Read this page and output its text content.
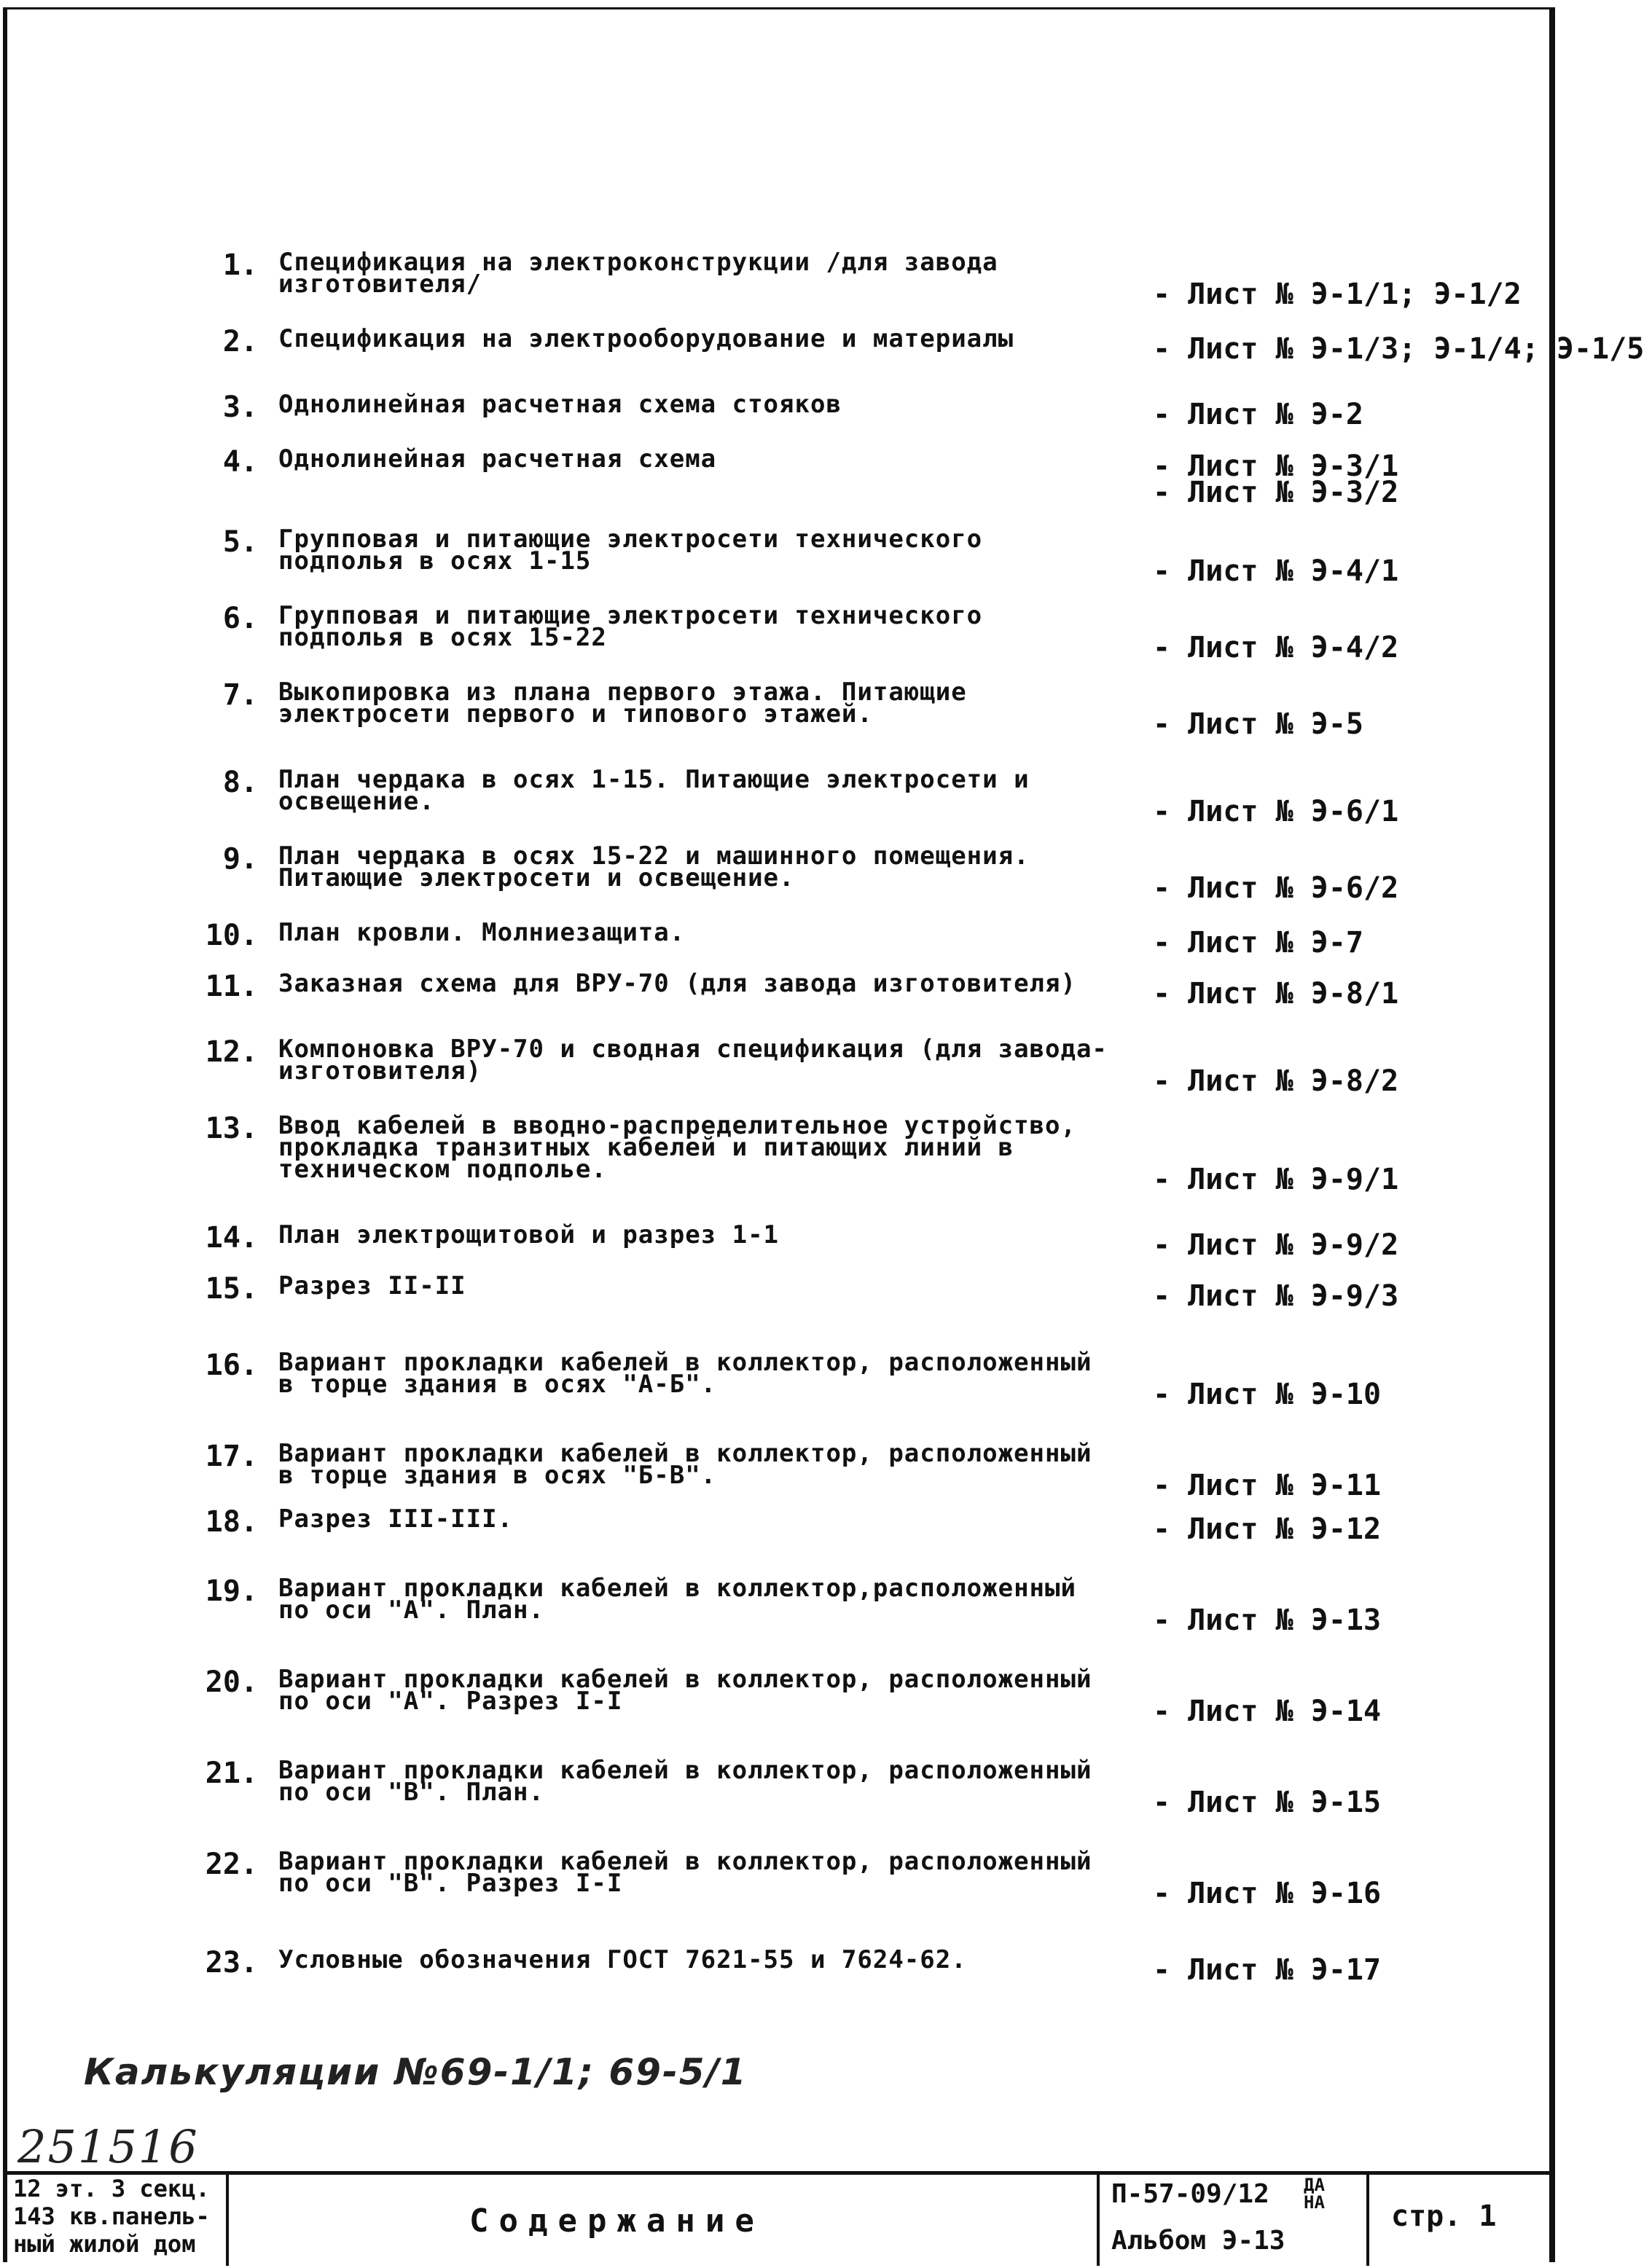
1. Спецификация на электроконструкции /для завода изготовителя/	- Лист № Э-1/1; Э-1/2
2. Спецификация на электрооборудование и материалы	- Лист № Э-1/3; Э-1/4; Э-1/5
3. Однолинейная расчетная схема стояков	- Лист № Э-2
4. Однолинейная расчетная схема	- Лист № Э-3/1
- Лист № Э-3/2
5. Групповая и питающие электросети технического подполья в осях 1-15	- Лист № Э-4/1
6. Групповая и питающие электросети технического подполья в осях 15-22	- Лист № Э-4/2
7. Выкопировка из плана первого этажа. Питающие электросети первого и типового этажей.	- Лист № Э-5
8. План чердака в осях 1-15. Питающие электросети и освещение.	- Лист № Э-6/1
9. План чердака в осях 15-22 и машинного помещения. Питающие электросети и освещение.	- Лист № Э-6/2
10. План кровли. Молниезащита.	- Лист № Э-7
11. Заказная схема для ВРУ-70 (для завода изготовителя)	- Лист № Э-8/1
12. Компоновка ВРУ-70 и сводная спецификация (для завода-изготовителя)	- Лист № Э-8/2
13. Ввод кабелей в вводно-распределительное устройство, прокладка транзитных кабелей и питающих линий в техническом подполье.	- Лист № Э-9/1
14. План электрощитовой и разрез 1-1	- Лист № Э-9/2
15. Разрез II-II	- Лист № Э-9/3
16. Вариант прокладки кабелей в коллектор, расположенный в торце здания в осях "А-Б".	- Лист № Э-10
17. Вариант прокладки кабелей в коллектор, расположенный в торце здания в осях "Б-В".	- Лист № Э-11
18. Разрез III-III.	- Лист № Э-12
19. Вариант прокладки кабелей в коллектор,расположенный по оси "А". План.	- Лист № Э-13
20. Вариант прокладки кабелей в коллектор, расположенный по оси "А". Разрез I-I	- Лист № Э-14
21. Вариант прокладки кабелей в коллектор, расположенный по оси "В". План.	- Лист № Э-15
22. Вариант прокладки кабелей в коллектор, расположенный по оси "В". Разрез I-I	- Лист № Э-16
23. Условные обозначения ГОСТ 7621-55 и 7624-62.	- Лист № Э-17
Калькуляции №69-1/1; 69-5/1
251516
12 эт. 3 секц.
143 кв.панель-
ный жилой дом
Содержание
П-57-09/12 ДА
НА
Альбом Э-13
стр. 1
